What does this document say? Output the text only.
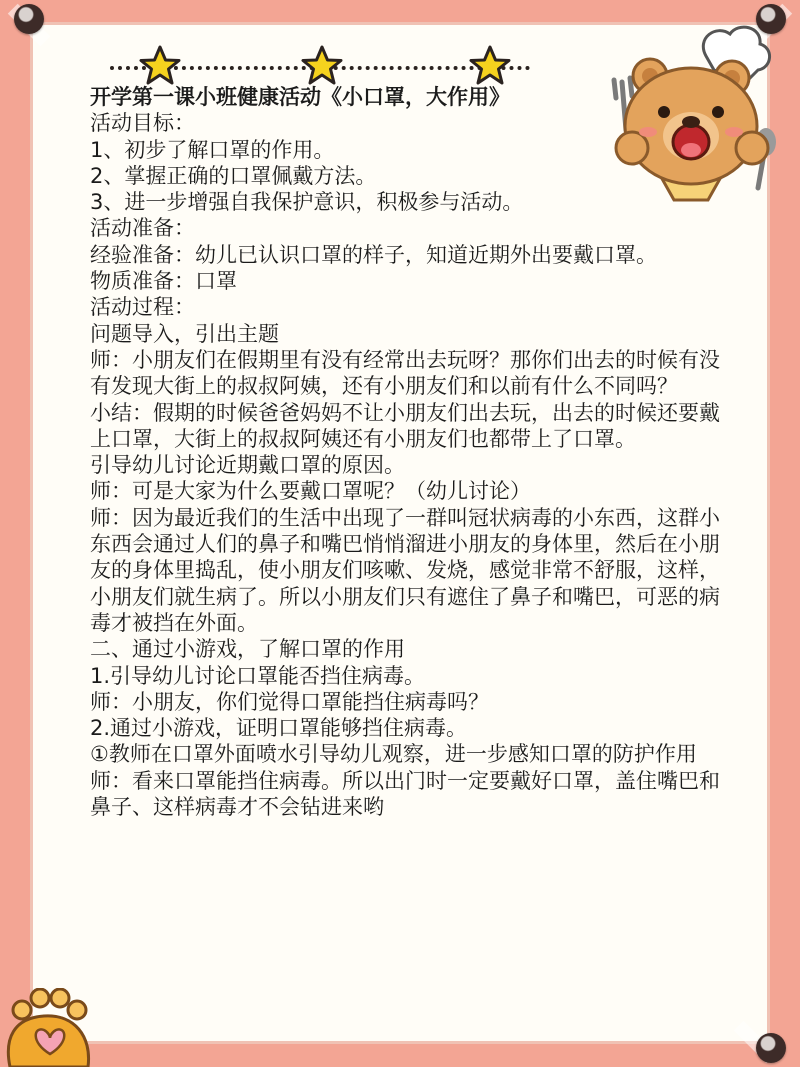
开学第一课小班健康活动《小口罩，大作用》

活动目标：

1、初步了解口罩的作用。

2、掌握正确的口罩佩戴方法。

3、进一步增强自我保护意识，积极参与活动。

活动准备：

经验准备：幼儿已认识口罩的样子，知道近期外出要戴口罩。

物质准备：口罩

活动过程：

问题导入，引出主题

师：小朋友们在假期里有没有经常出去玩呀？那你们出去的时候有没有发现大街上的叔叔阿姨，还有小朋友们和以前有什么不同吗？

小结：假期的时候爸爸妈妈不让小朋友们出去玩，出去的时候还要戴上口罩，大街上的叔叔阿姨还有小朋友们也都带上了口罩。

引导幼儿讨论近期戴口罩的原因。

师：可是大家为什么要戴口罩呢？（幼儿讨论）

师：因为最近我们的生活中出现了一群叫冠状病毒的小东西，这群小东西会通过人们的鼻子和嘴巴悄悄溜进小朋友的身体里，然后在小朋友的身体里捣乱，使小朋友们咳嗽、发烧，感觉非常不舒服，这样，小朋友们就生病了。所以小朋友们只有遮住了鼻子和嘴巴，可恶的病毒才被挡在外面。

二、通过小游戏，了解口罩的作用

1.引导幼儿讨论口罩能否挡住病毒。

师：小朋友，你们觉得口罩能挡住病毒吗？

2.通过小游戏，证明口罩能够挡住病毒。

①教师在口罩外面喷水引导幼儿观察，进一步感知口罩的防护作用

师：看来口罩能挡住病毒。所以出门时一定要戴好口罩，盖住嘴巴和鼻子、这样病毒才不会钻进来哟
